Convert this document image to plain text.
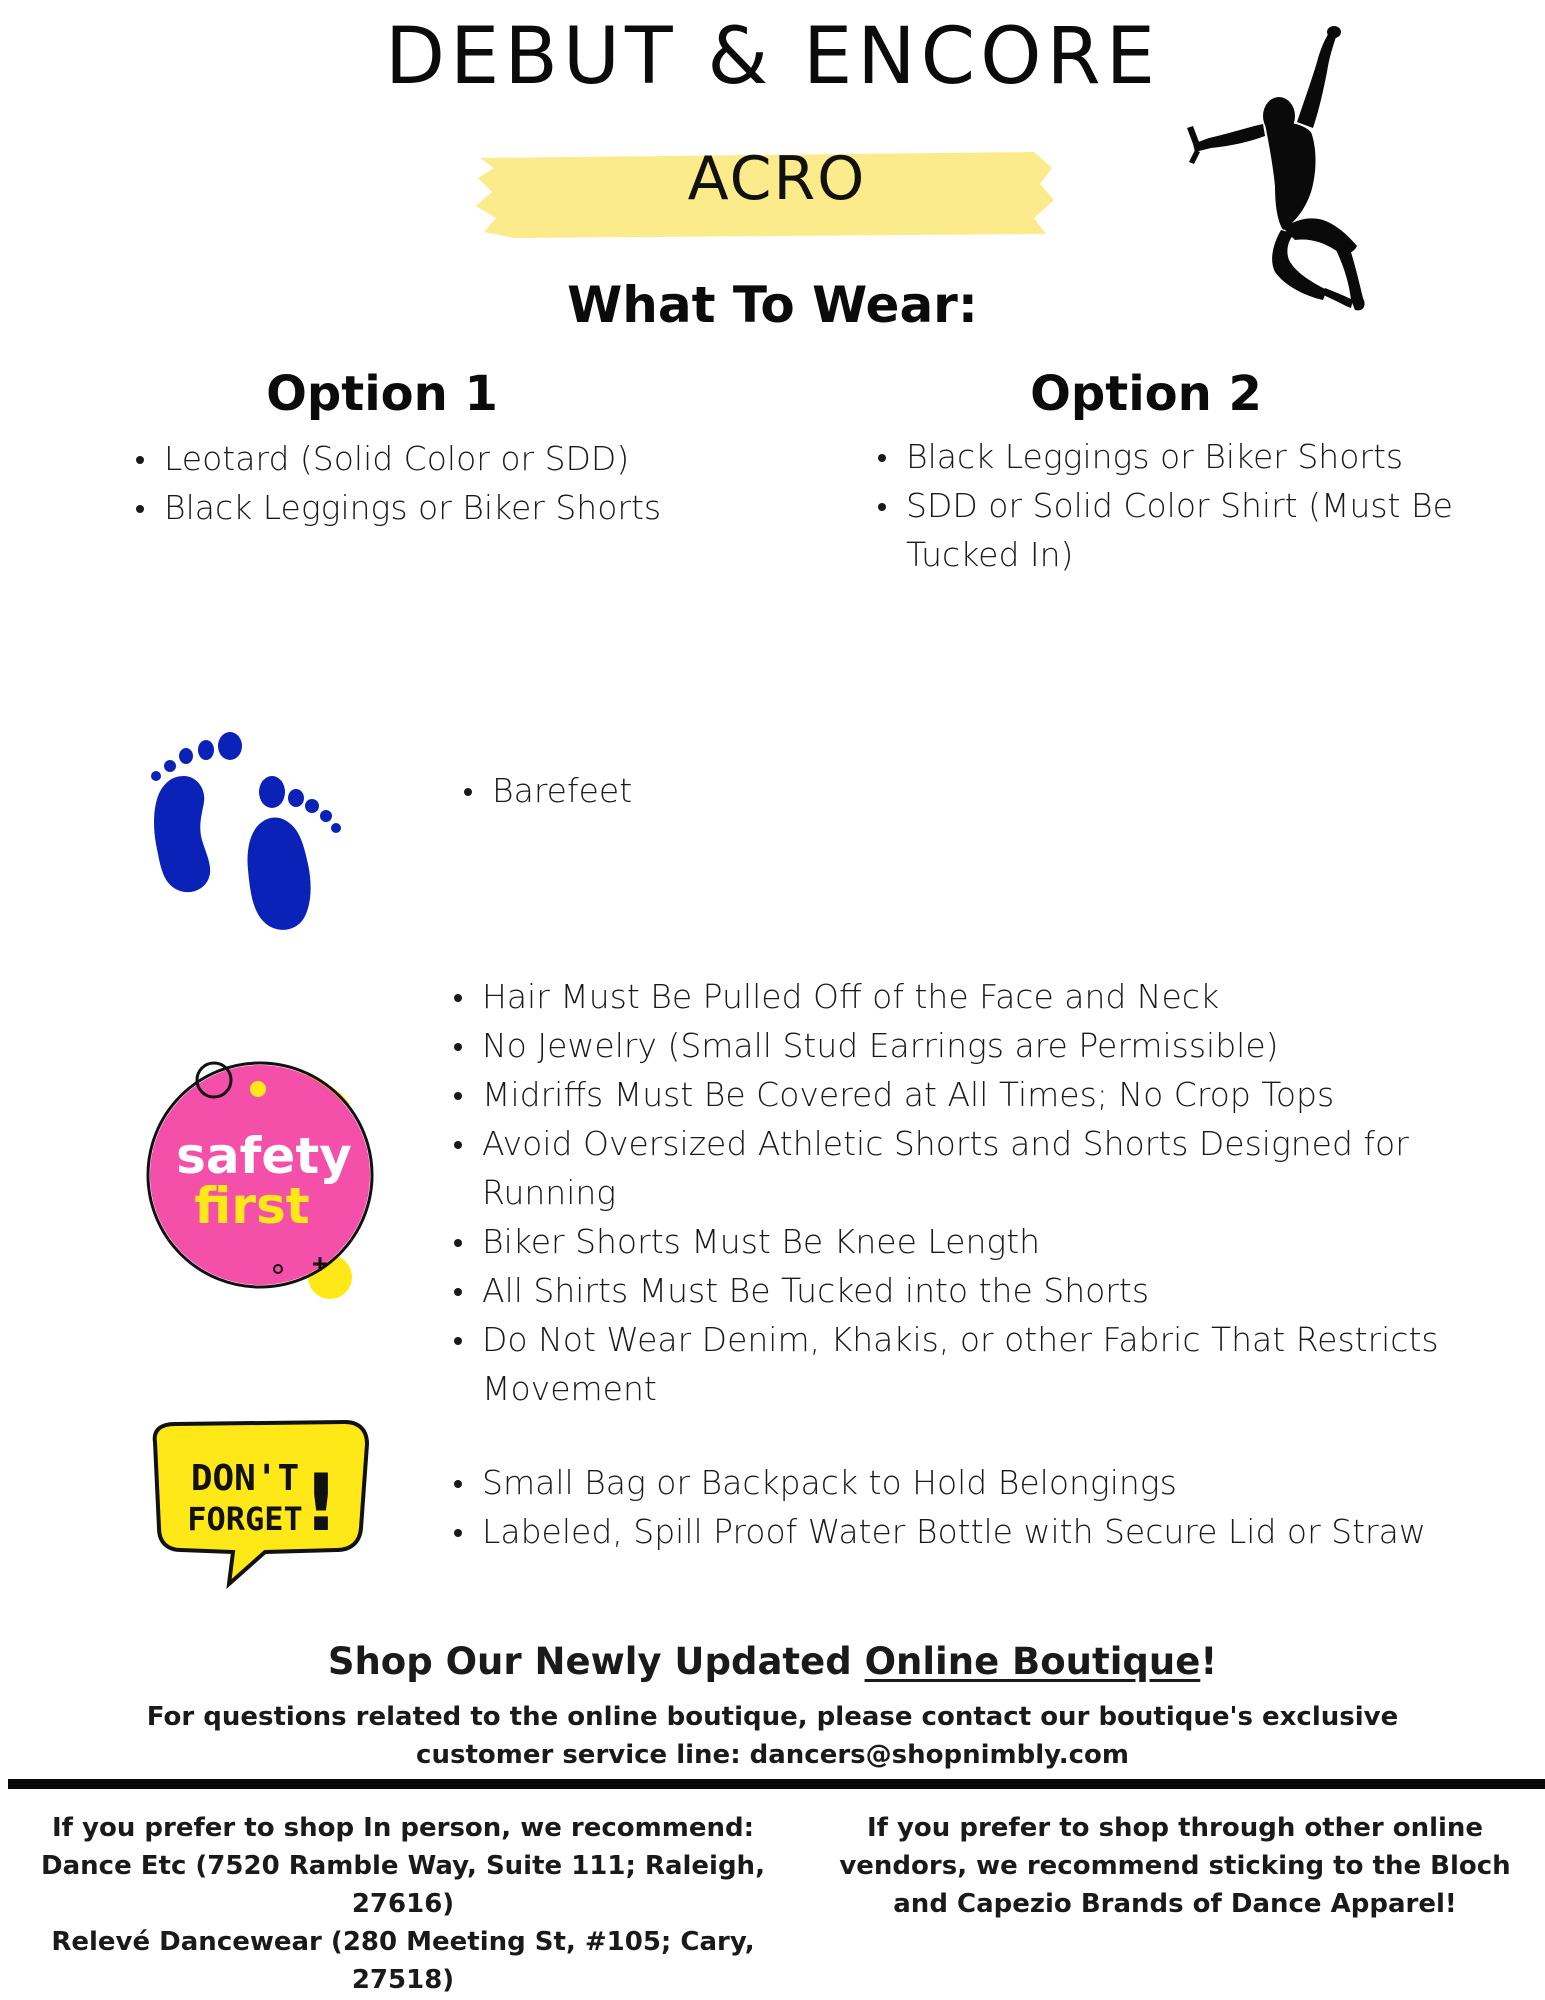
DEBUT & ENCORE
ACRO
What To Wear:
Option 1
Leotard (Solid Color or SDD)
Black Leggings or Biker Shorts
Option 2
Black Leggings or Biker Shorts
SDD or Solid Color Shirt (Must Be Tucked In)
Barefeet
safety
first
Hair Must Be Pulled Off of the Face and Neck
No Jewelry (Small Stud Earrings are Permissible)
Midriffs Must Be Covered at All Times; No Crop Tops
Avoid Oversized Athletic Shorts and Shorts Designed for Running
Biker Shorts Must Be Knee Length
All Shirts Must Be Tucked into the Shorts
Do Not Wear Denim, Khakis, or other Fabric That Restricts Movement
DON'T
FORGET !	Small Bag or Backpack to Hold Belongings
Labeled, Spill Proof Water Bottle with Secure Lid or Straw
Shop Our Newly Updated Online Boutique!
For questions related to the online boutique, please contact our boutique's exclusive
customer service line: dancers@shopnimbly.com
If you prefer to shop In person, we recommend:
Dance Etc (7520 Ramble Way, Suite 111; Raleigh, 27616)
Relevé Dancewear (280 Meeting St, #105; Cary, 27518)
If you prefer to shop through other online
vendors, we recommend sticking to the Bloch
and Capezio Brands of Dance Apparel!
